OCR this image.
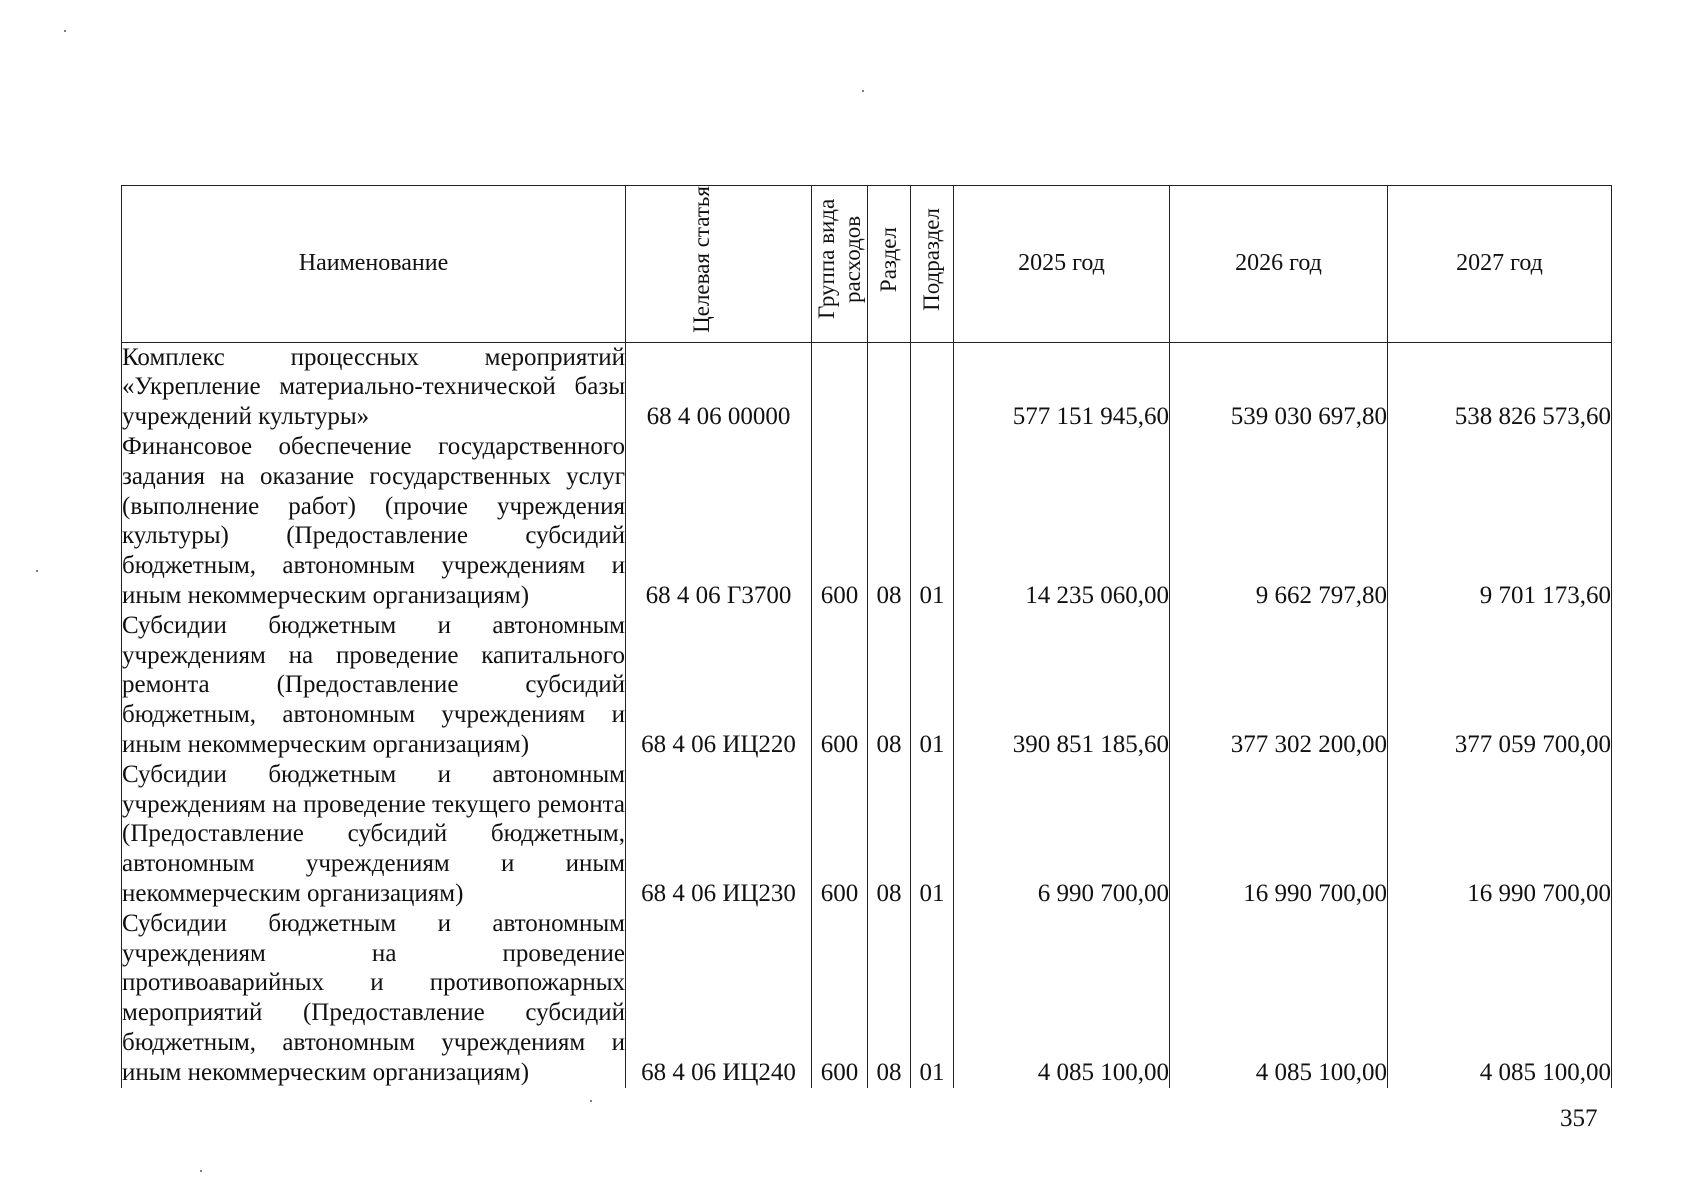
Наименование	Целевая статья	Группа вида расходов	Раздел	Подраздел	2025 год	2026 год	2027 год
Комплекс процессных мероприятий «Укрепление материально-технической базы учреждений культуры»	68 4 06 00000				577 151 945,60	539 030 697,80	538 826 573,60
Финансовое обеспечение государственного задания на оказание государственных услуг (выполнение работ) (прочие учреждения культуры) (Предоставление субсидий бюджетным, автономным учреждениям и иным некоммерческим организациям)	68 4 06 Г3700	600	08	01	14 235 060,00	9 662 797,80	9 701 173,60
Субсидии бюджетным и автономным учреждениям на проведение капитального ремонта (Предоставление субсидий бюджетным, автономным учреждениям и иным некоммерческим организациям)	68 4 06 ИЦ220	600	08	01	390 851 185,60	377 302 200,00	377 059 700,00
Субсидии бюджетным и автономным учреждениям на проведение текущего ремонта (Предоставление субсидий бюджетным, автономным учреждениям и иным некоммерческим организациям)	68 4 06 ИЦ230	600	08	01	6 990 700,00	16 990 700,00	16 990 700,00
Субсидии бюджетным и автономным учреждениям на проведение противоаварийных и противопожарных мероприятий (Предоставление субсидий бюджетным, автономным учреждениям и иным некоммерческим организациям)	68 4 06 ИЦ240	600	08	01	4 085 100,00	4 085 100,00	4 085 100,00
357
